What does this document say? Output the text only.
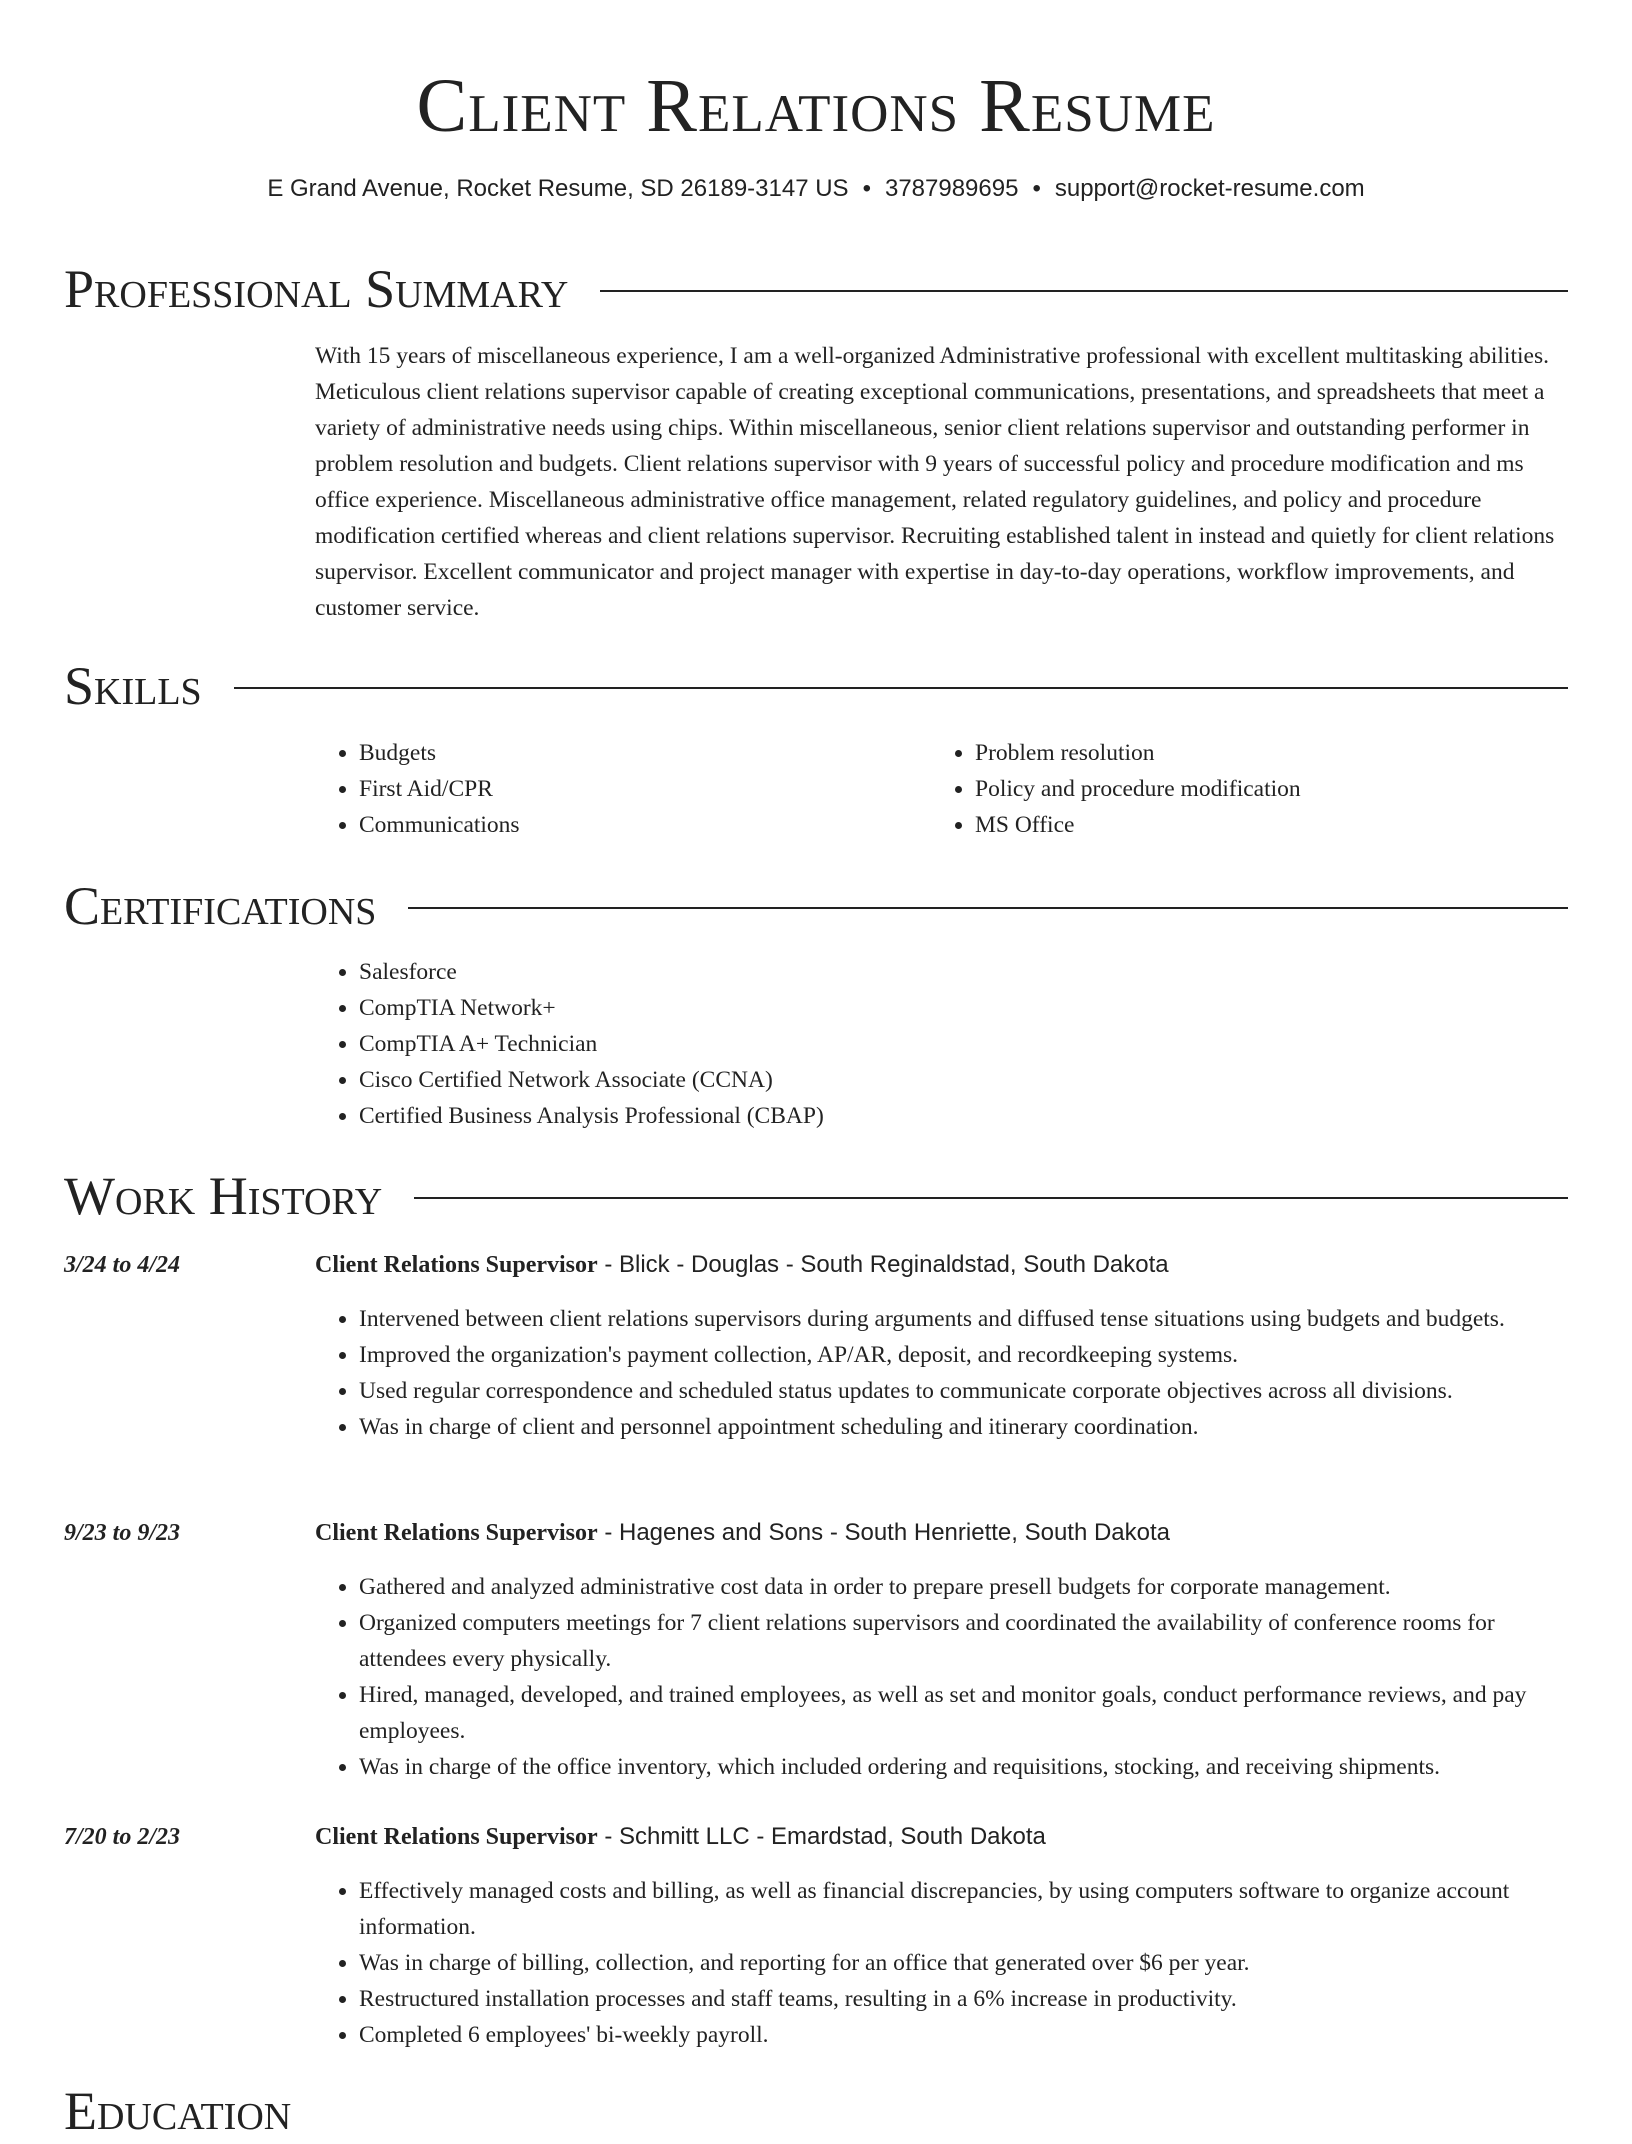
Client Relations Resume
E Grand Avenue, Rocket Resume, SD 26189-3147 US • 3787989695 • support@rocket-resume.com
Professional Summary

With 15 years of miscellaneous experience, I am a well-organized Administrative professional with excellent multitasking abilities. Meticulous client relations supervisor capable of creating exceptional communications, presentations, and spreadsheets that meet a variety of administrative needs using chips. Within miscellaneous, senior client relations supervisor and outstanding performer in problem resolution and budgets. Client relations supervisor with 9 years of successful policy and procedure modification and ms office experience. Miscellaneous administrative office management, related regulatory guidelines, and policy and procedure modification certified whereas and client relations supervisor. Recruiting established talent in instead and quietly for client relations supervisor. Excellent communicator and project manager with expertise in day-to-day operations, workflow improvements, and customer service.

Skills
• Budgets
• First Aid/CPR
• Communications
• Problem resolution
• Policy and procedure modification
• MS Office
Certifications
• Salesforce
• CompTIA Network+
• CompTIA A+ Technician
• Cisco Certified Network Associate (CCNA)
• Certified Business Analysis Professional (CBAP)
Work History
3/24 to 4/24	Client Relations Supervisor - Blick - Douglas - South Reginaldstad, South Dakota
• Intervened between client relations supervisors during arguments and diffused tense situations using budgets and budgets.
• Improved the organization's payment collection, AP/AR, deposit, and recordkeeping systems.
• Used regular correspondence and scheduled status updates to communicate corporate objectives across all divisions.
• Was in charge of client and personnel appointment scheduling and itinerary coordination.
9/23 to 9/23	Client Relations Supervisor - Hagenes and Sons - South Henriette, South Dakota
• Gathered and analyzed administrative cost data in order to prepare presell budgets for corporate management.
• Organized computers meetings for 7 client relations supervisors and coordinated the availability of conference rooms for attendees every physically.
• Hired, managed, developed, and trained employees, as well as set and monitor goals, conduct performance reviews, and pay employees.
• Was in charge of the office inventory, which included ordering and requisitions, stocking, and receiving shipments.
7/20 to 2/23	Client Relations Supervisor - Schmitt LLC - Emardstad, South Dakota
• Effectively managed costs and billing, as well as financial discrepancies, by using computers software to organize account information.
• Was in charge of billing, collection, and reporting for an office that generated over $6 per year.
• Restructured installation processes and staff teams, resulting in a 6% increase in productivity.
• Completed 6 employees' bi-weekly payroll.
Education
